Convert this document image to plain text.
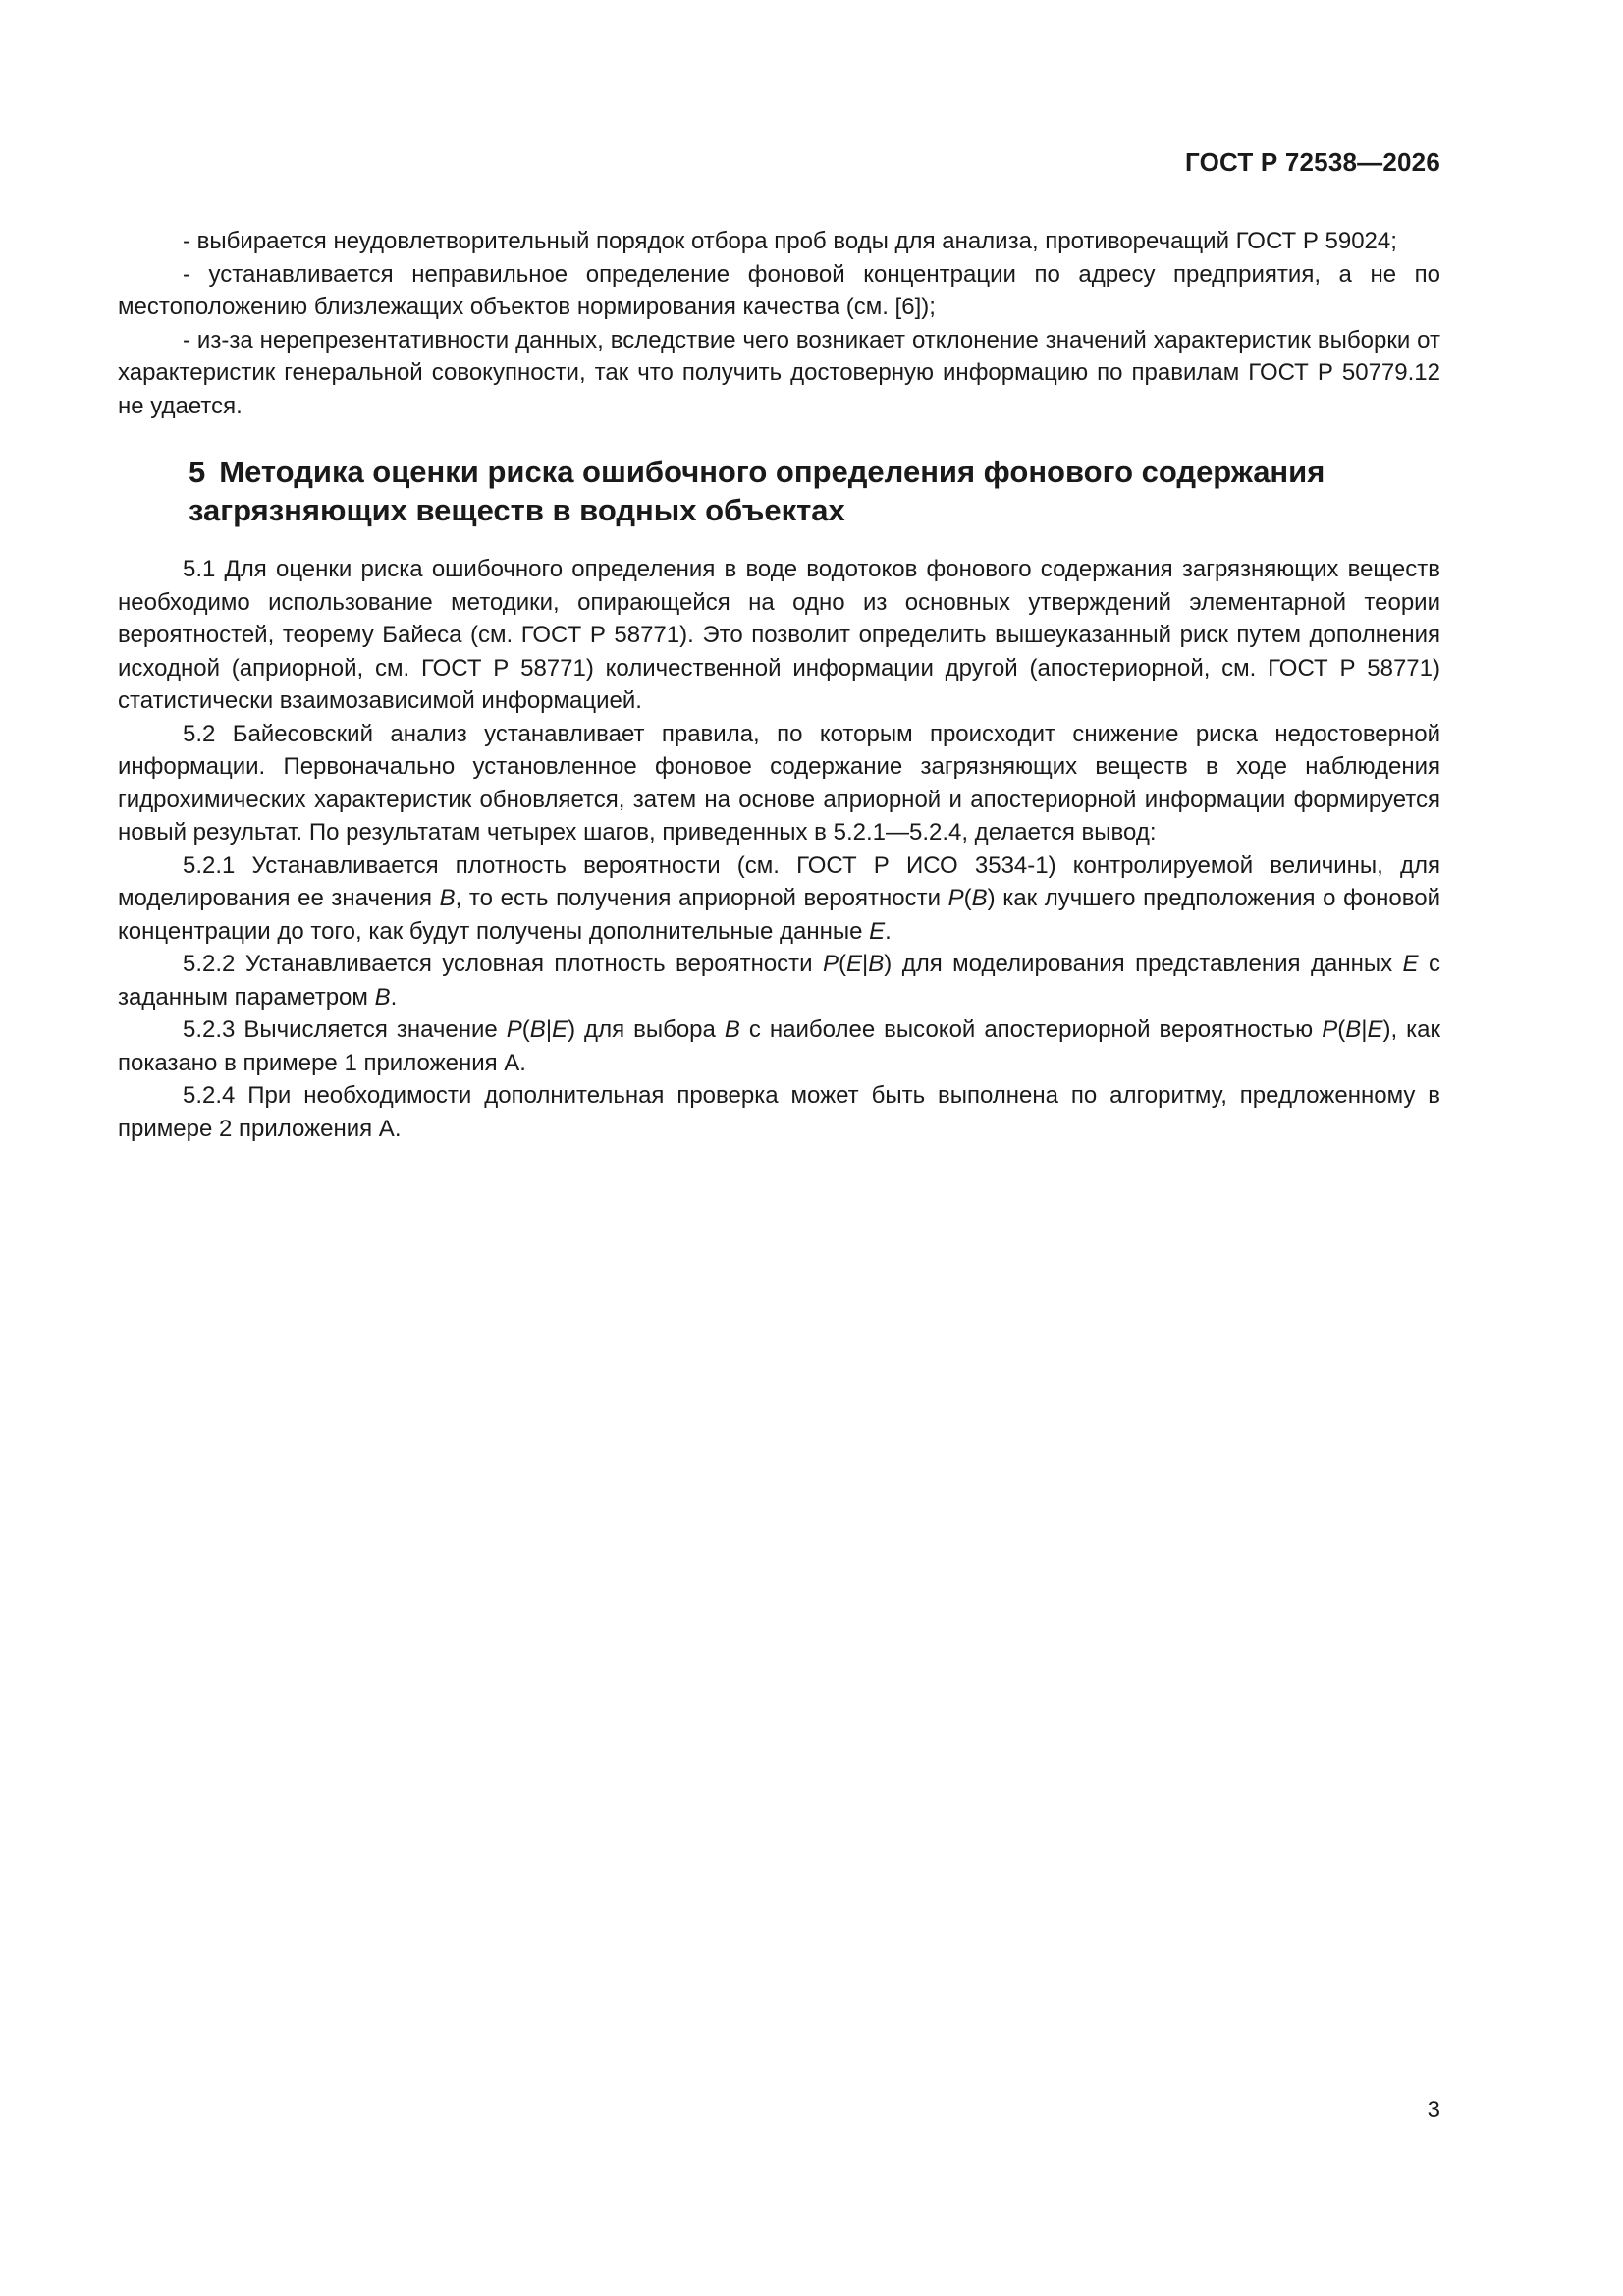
ГОСТ Р 72538—2026

- выбирается неудовлетворительный порядок отбора проб воды для анализа, противоречащий ГОСТ Р 59024;

- устанавливается неправильное определение фоновой концентрации по адресу предприятия, а не по местоположению близлежащих объектов нормирования качества (см. [6]);

- из-за нерепрезентативности данных, вследствие чего возникает отклонение значений характеристик выборки от характеристик генеральной совокупности, так что получить достоверную информацию по правилам ГОСТ Р 50779.12 не удается.

5 Методика оценки риска ошибочного определения фонового содержания загрязняющих веществ в водных объектах

5.1 Для оценки риска ошибочного определения в воде водотоков фонового содержания загрязняющих веществ необходимо использование методики, опирающейся на одно из основных утверждений элементарной теории вероятностей, теорему Байеса (см. ГОСТ Р 58771). Это позволит определить вышеуказанный риск путем дополнения исходной (априорной, см. ГОСТ Р 58771) количественной информации другой (апостериорной, см. ГОСТ Р 58771) статистически взаимозависимой информацией.

5.2 Байесовский анализ устанавливает правила, по которым происходит снижение риска недостоверной информации. Первоначально установленное фоновое содержание загрязняющих веществ в ходе наблюдения гидрохимических характеристик обновляется, затем на основе априорной и апостериорной информации формируется новый результат. По результатам четырех шагов, приведенных в 5.2.1—5.2.4, делается вывод:

5.2.1 Устанавливается плотность вероятности (см. ГОСТ Р ИСО 3534-1) контролируемой величины, для моделирования ее значения B, то есть получения априорной вероятности P(B) как лучшего предположения о фоновой концентрации до того, как будут получены дополнительные данные E.

5.2.2 Устанавливается условная плотность вероятности P(E|B) для моделирования представления данных E с заданным параметром B.

5.2.3 Вычисляется значение P(B|E) для выбора B с наиболее высокой апостериорной вероятностью P(B|E), как показано в примере 1 приложения А.

5.2.4 При необходимости дополнительная проверка может быть выполнена по алгоритму, предложенному в примере 2 приложения А.

3
